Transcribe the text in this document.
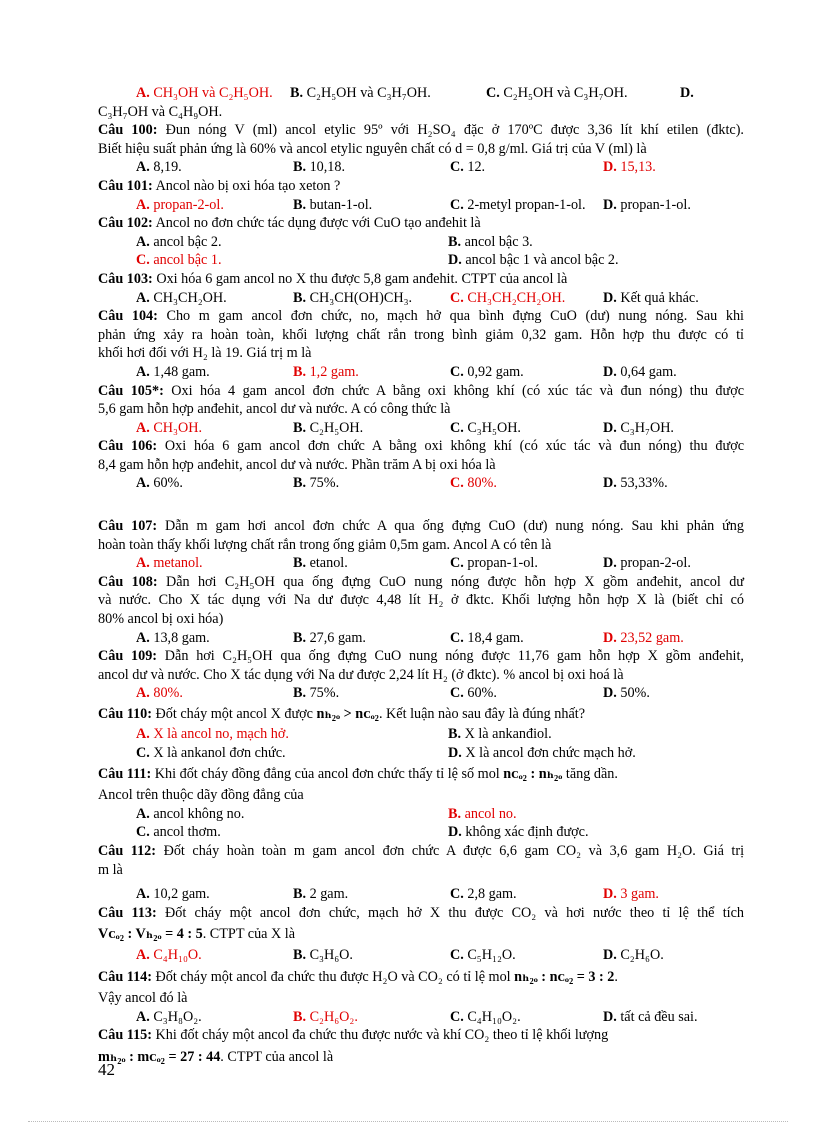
A. CH₃OH và C₂H₅OH.	B. C₂H₅OH và C₃H₇OH.	C. C₂H₅OH và C₃H₇OH.	D.
C₃H₇OH và C₄H₉OH.
Câu 100: Đun nóng V (ml) ancol etylic 95º với H₂SO₄ đặc ở 170ºC được 3,36 lít khí etilen (đktc).
Biết hiệu suất phản ứng là 60% và ancol etylic nguyên chất có d = 0,8 g/ml. Giá trị của V (ml) là
A. 8,19.	B. 10,18.	C. 12.	D. 15,13.
Câu 101: Ancol nào bị oxi hóa tạo xeton ?
A. propan-2-ol.	B. butan-1-ol.	C. 2-metyl propan-1-ol.	D. propan-1-ol.
Câu 102: Ancol no đơn chức tác dụng được với CuO tạo anđehit là
A. ancol bậc 2.	B. ancol bậc 3.
C. ancol bậc 1.	D. ancol bậc 1 và ancol bậc 2.
Câu 103: Oxi hóa 6 gam ancol no X thu được 5,8 gam anđehit. CTPT của ancol là
A. CH₃CH₂OH.	B. CH₃CH(OH)CH₃.	C. CH₃CH₂CH₂OH.	D. Kết quả khác.
Câu 104: Cho m gam ancol đơn chức, no, mạch hở qua bình đựng CuO (dư) nung nóng. Sau khi
phản ứng xảy ra hoàn toàn, khối lượng chất rắn trong bình giảm 0,32 gam. Hỗn hợp thu được có tỉ
khối hơi đối với H₂ là 19. Giá trị m là
A. 1,48 gam.	B. 1,2 gam.	C. 0,92 gam.	D. 0,64 gam.
Câu 105*: Oxi hóa 4 gam ancol đơn chức A bằng oxi không khí (có xúc tác và đun nóng) thu được
5,6 gam hỗn hợp anđehit, ancol dư và nước. A có công thức là
A. CH₃OH.	B. C₂H₅OH.	C. C₃H₅OH.	D. C₃H₇OH.
Câu 106: Oxi hóa 6 gam ancol đơn chức A bằng oxi không khí (có xúc tác và đun nóng) thu được
8,4 gam hỗn hợp anđehit, ancol dư và nước. Phần trăm A bị oxi hóa là
A. 60%.	B. 75%.	C. 80%.	D. 53,33%.
Câu 107: Dẫn m gam hơi ancol đơn chức A qua ống đựng CuO (dư) nung nóng. Sau khi phản ứng
hoàn toàn thấy khối lượng chất rắn trong ống giảm 0,5m gam. Ancol A có tên là
A. metanol.	B. etanol.	C. propan-1-ol.	D. propan-2-ol.
Câu 108: Dẫn hơi C₂H₅OH qua ống đựng CuO nung nóng được hỗn hợp X gồm anđehit, ancol dư
và nước. Cho X tác dụng với Na dư được 4,48 lít H₂ ở đktc. Khối lượng hỗn hợp X là (biết chỉ có
80% ancol bị oxi hóa)
A. 13,8 gam.	B. 27,6 gam.	C. 18,4 gam.	D. 23,52 gam.
Câu 109: Dẫn hơi C₂H₅OH qua ống đựng CuO nung nóng được 11,76 gam hỗn hợp X gồm anđehit,
ancol dư và nước. Cho X tác dụng với Na dư được 2,24 lít H₂ (ở đktc). % ancol bị oxi hoá là
A. 80%.	B. 75%.	C. 60%.	D. 50%.
Câu 110: Đốt cháy một ancol X được nₕ₂ₒ > nᴄₒ₂. Kết luận nào sau đây là đúng nhất?
A. X là ancol no, mạch hở.	B. X là ankanđiol.
C. X là ankanol đơn chức.	D. X là ancol đơn chức mạch hở.
Câu 111: Khi đốt cháy đồng đẳng của ancol đơn chức thấy tỉ lệ số mol nᴄₒ₂ : nₕ₂ₒ tăng dần.
Ancol trên thuộc dãy đồng đẳng của
A. ancol không no.	B. ancol no.
C. ancol thơm.	D. không xác định được.
Câu 112: Đốt cháy hoàn toàn m gam ancol đơn chức A được 6,6 gam CO₂ và 3,6 gam H₂O. Giá trị
m là
A. 10,2 gam.	B. 2 gam.	C. 2,8 gam.	D. 3 gam.
Câu 113: Đốt cháy một ancol đơn chức, mạch hở X thu được CO₂ và hơi nước theo tỉ lệ thể tích
Vᴄₒ₂ : Vₕ₂ₒ = 4 : 5. CTPT của X là
A. C₄H₁₀O.	B. C₃H₆O.	C. C₅H₁₂O.	D. C₂H₆O.
Câu 114: Đốt cháy một ancol đa chức thu được H₂O và CO₂ có tỉ lệ mol nₕ₂ₒ : nᴄₒ₂ = 3 : 2.
Vậy ancol đó là
A. C₃H₈O₂.	B. C₂H₆O₂.	C. C₄H₁₀O₂.	D. tất cả đều sai.
Câu 115: Khi đốt cháy một ancol đa chức thu được nước và khí CO₂ theo tỉ lệ khối lượng
mₕ₂ₒ : mᴄₒ₂ = 27 : 44. CTPT của ancol là
42
